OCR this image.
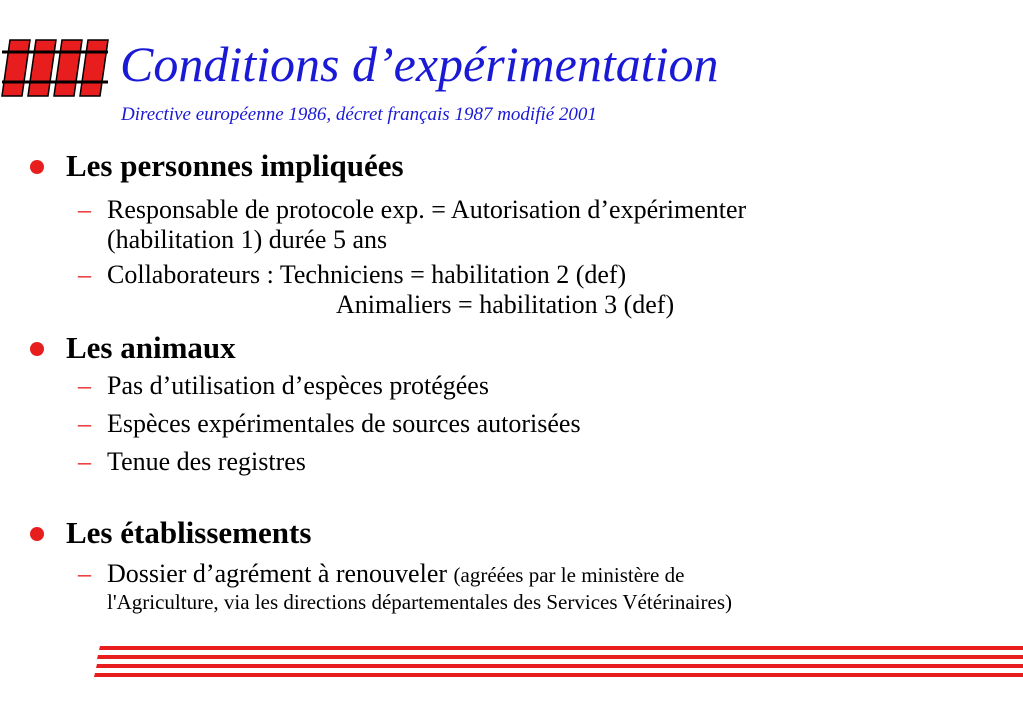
Conditions d’expérimentation
Directive européenne 1986, décret français 1987 modifié 2001
Les personnes impliquées
– Responsable de protocole exp. = Autorisation d’expérimenter
(habilitation 1) durée 5 ans
– Collaborateurs : Techniciens = habilitation 2 (def)
Animaliers = habilitation 3 (def)
Les animaux
– Pas d’utilisation d’espèces protégées
– Espèces expérimentales de sources autorisées
– Tenue des registres
Les établissements
– Dossier d’agrément à renouveler (agréées par le ministère de
l'Agriculture, via les directions départementales des Services Vétérinaires)
